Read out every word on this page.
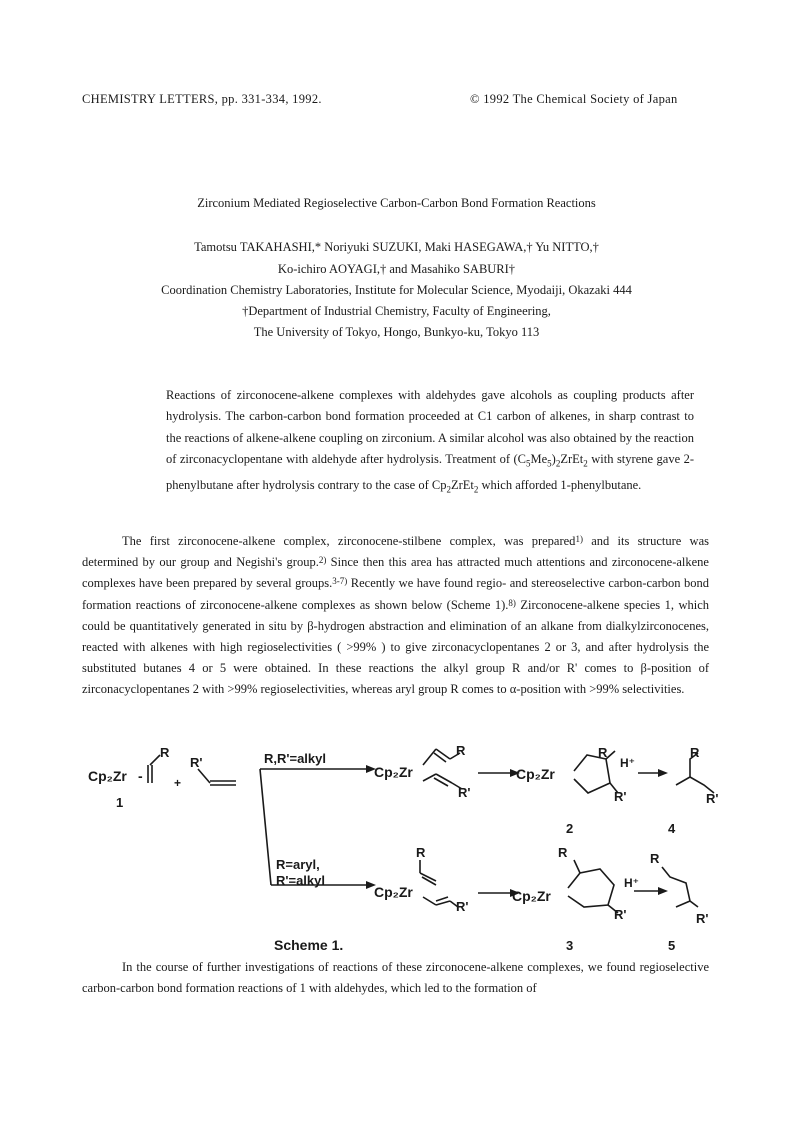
CHEMISTRY LETTERS, pp. 331-334, 1992.	© 1992 The Chemical Society of Japan
Zirconium Mediated Regioselective Carbon-Carbon Bond Formation Reactions
Tamotsu TAKAHASHI,* Noriyuki SUZUKI, Maki HASEGAWA,† Yu NITTO,†
Ko-ichiro AOYAGI,† and Masahiko SABURI†
Coordination Chemistry Laboratories, Institute for Molecular Science, Myodaiji, Okazaki 444
†Department of Industrial Chemistry, Faculty of Engineering,
The University of Tokyo, Hongo, Bunkyo-ku, Tokyo 113

Reactions of zirconocene-alkene complexes with aldehydes gave alcohols as coupling products after hydrolysis. The carbon-carbon bond formation proceeded at C1 carbon of alkenes, in sharp contrast to the reactions of alkene-alkene coupling on zirconium. A similar alcohol was also obtained by the reaction of zirconacyclopentane with aldehyde after hydrolysis. Treatment of $(C_5Me_5)_2ZrEt_2$ with styrene gave 2-phenylbutane after hydrolysis contrary to the case of $Cp_2ZrEt_2$ which afforded 1-phenylbutane.

The first zirconocene-alkene complex, zirconocene-stilbene complex, was prepared$^{1)}$ and its structure was determined by our group and Negishi's group.$^{2)}$ Since then this area has attracted much attentions and zirconocene-alkene complexes have been prepared by several groups.$^{3-7)}$ Recently we have found regio- and stereoselective carbon-carbon bond formation reactions of zirconocene-alkene complexes as shown below (Scheme 1).$^{8)}$ Zirconocene-alkene species 1, which could be quantitatively generated in situ by β-hydrogen abstraction and elimination of an alkane from dialkylzirconocenes, reacted with alkenes with high regioselectivities ( >99% ) to give zirconacyclopentanes 2 or 3, and after hydrolysis the substituted butanes 4 or 5 were obtained. In these reactions the alkyl group R and/or R' comes to β-position of zirconacyclopentanes 2 with >99% regioselectivities, whereas aryl group R comes to α-position with >99% selectivities.

Cp₂Zr -
R
1
+
R'	R,R'=alkyl
R=aryl,
R'=alkyl
Cp₂Zr
R
R'
Cp₂Zr
R
R'
H⁺
R
R'
2	4
R
Cp₂Zr
R'
Cp₂Zr
R
R'
H⁺
R
R'
Scheme 1.	3	5

In the course of further investigations of reactions of these zirconocene-alkene complexes, we found regioselective carbon-carbon bond formation reactions of 1 with aldehydes, which led to the formation of
